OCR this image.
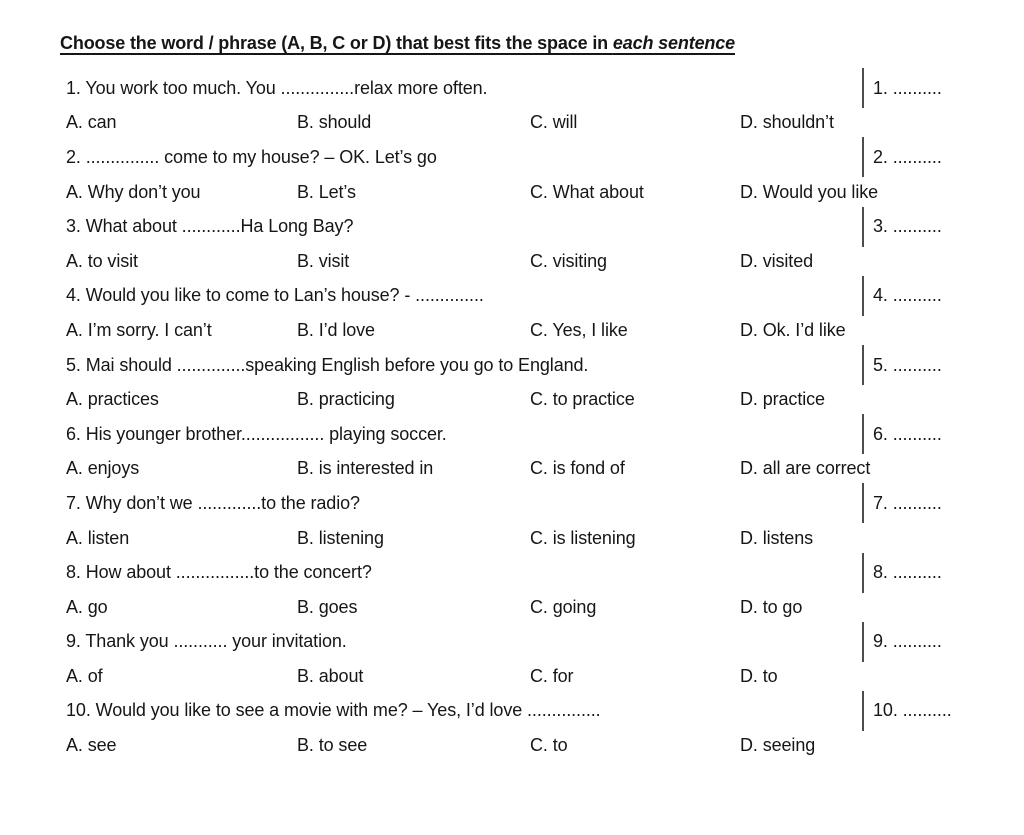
Choose the word / phrase (A, B, C or D) that best fits the space in each sentence
1. You work too much. You ...............relax more often.	1. ..........
A. can	B. should	C. will	D. shouldn’t
2. ............... come to my house? – OK. Let’s go	2. ..........
A. Why don’t you	B. Let’s	C. What about	D. Would you like
3. What about ............Ha Long Bay?	3. ..........
A. to visit	B. visit	C. visiting	D. visited
4. Would you like to come to Lan’s house? - ..............	4. ..........
A. I’m sorry. I can’t	B. I’d love	C. Yes, I like	D. Ok. I’d like
5. Mai should ..............speaking English before you go to England.	5. ..........
A. practices	B. practicing	C. to practice	D. practice
6. His younger brother................. playing soccer.	6. ..........
A. enjoys	B. is interested in	C. is fond of	D. all are correct
7. Why don’t we .............to the radio?	7. ..........
A. listen	B. listening	C. is listening	D. listens
8. How about ................to the concert?	8. ..........
A. go	B. goes	C. going	D. to go
9. Thank you ........... your invitation.	9. ..........
A. of	B. about	C. for	D. to
10. Would you like to see a movie with me? – Yes, I’d love ...............	10. ..........
A. see	B. to see	C. to	D. seeing
